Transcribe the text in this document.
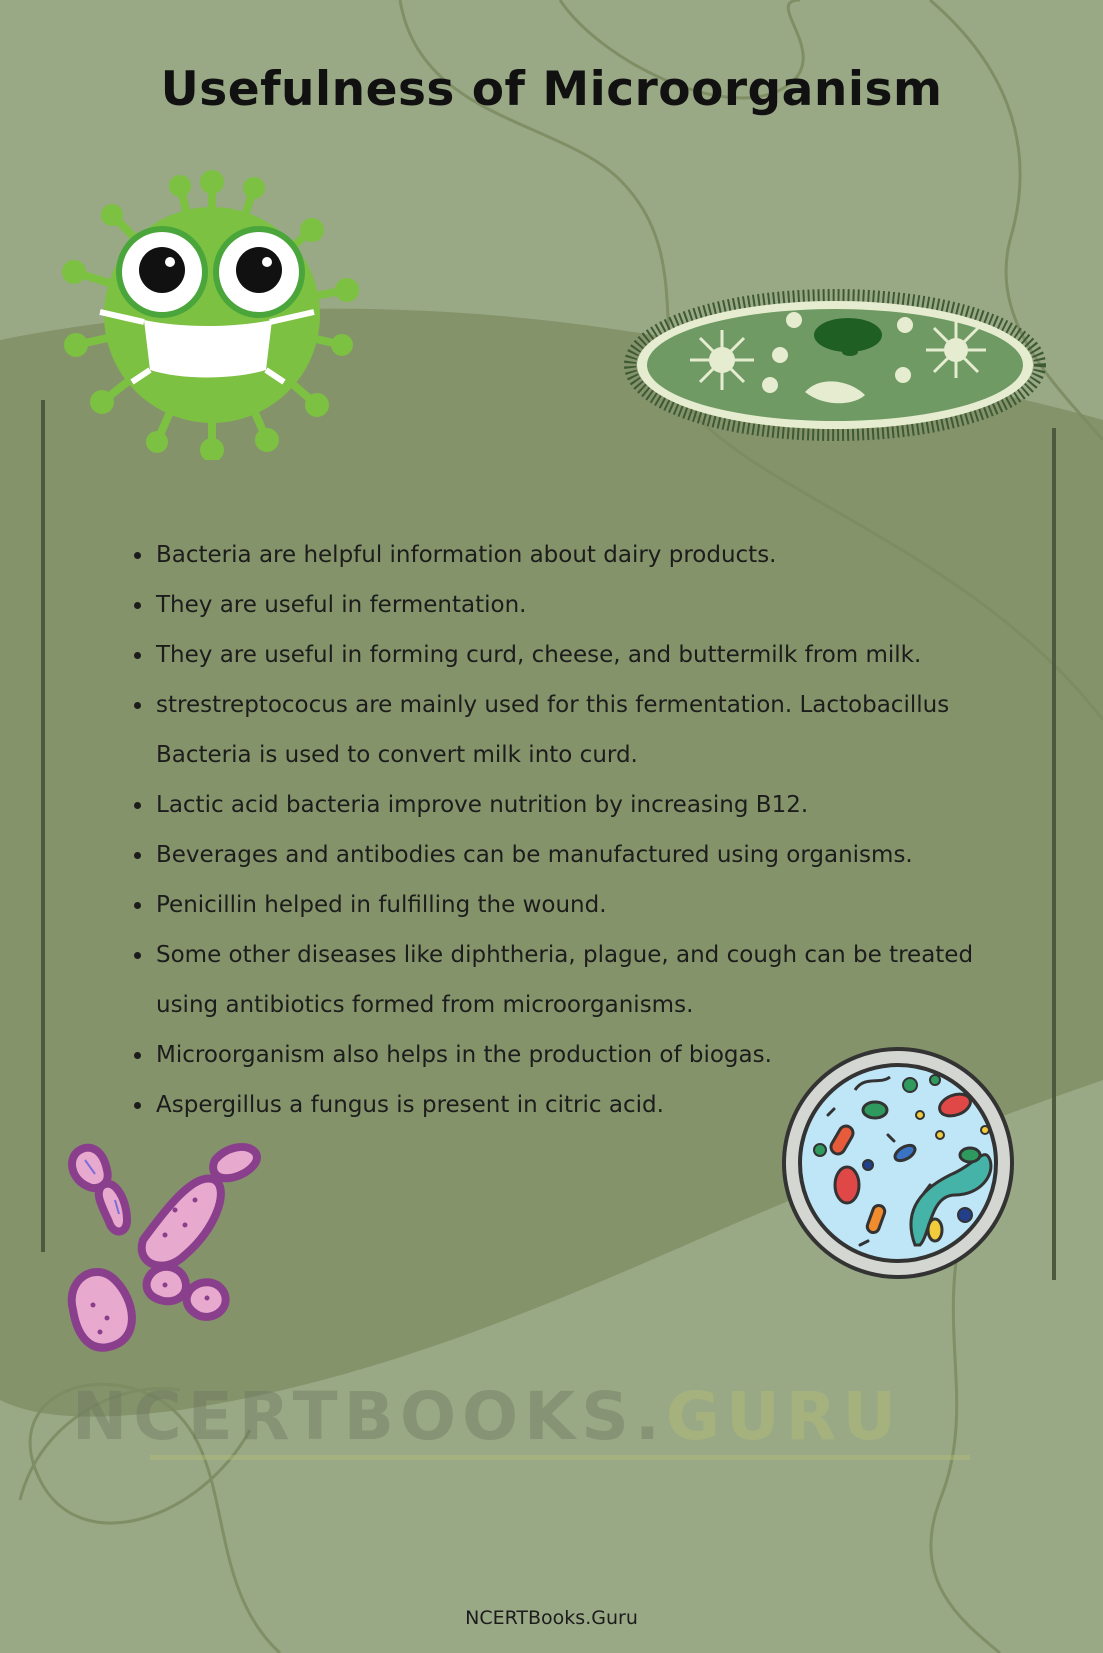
Usefulness of Microorganism
• Bacteria are helpful information about dairy products.
• They are useful in fermentation.
• They are useful in forming curd, cheese, and buttermilk from milk.
• strestreptococus are mainly used for this fermentation. Lactobacillus Bacteria is used to convert milk into curd.
• Lactic acid bacteria improve nutrition by increasing B12.
• Beverages and antibodies can be manufactured using organisms.
• Penicillin helped in fulfilling the wound.
• Some other diseases like diphtheria, plague, and cough can be treated using antibiotics formed from microorganisms.
• Microorganism also helps in the production of biogas.
• Aspergillus a fungus is present in citric acid.
NCERTBOOKS.GURU
NCERTBooks.Guru
